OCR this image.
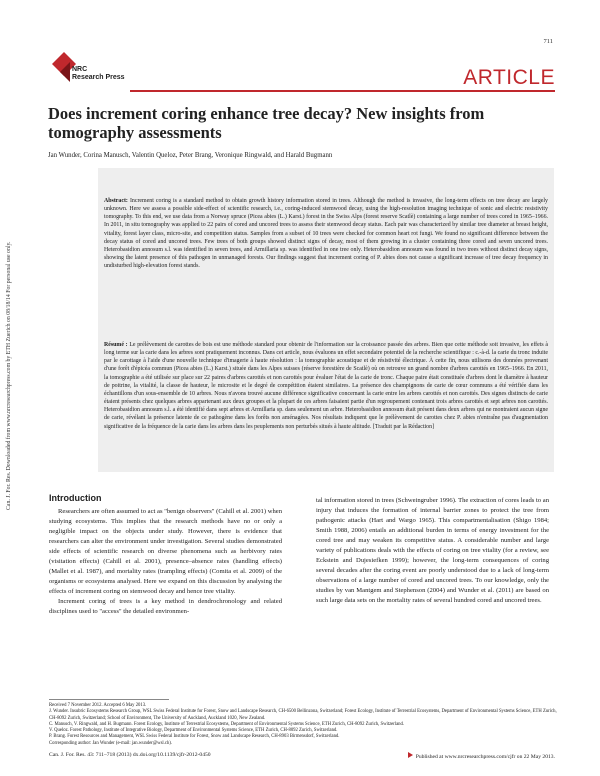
711
NRC
Research Press	ARTICLE
Does increment coring enhance tree decay? New insights from tomography assessments
Jan Wunder, Corina Manusch, Valentin Queloz, Peter Brang, Veronique Ringwald, and Harald Bugmann
Can. J. For. Res. Downloaded from www.nrcresearchpress.com by ETH Zuerich on 08/18/14 For personal use only.
Abstract: Increment coring is a standard method to obtain growth history information stored in trees. Although the method is invasive, the long-term effects on tree decay are largely unknown. Here we assess a possible side-effect of scientific research, i.e., coring-induced stemwood decay, using the high-resolution imaging technique of sonic and electric resistivity tomography. To this end, we use data from a Norway spruce (Picea abies (L.) Karst.) forest in the Swiss Alps (forest reserve Scatlè) containing a large number of trees cored in 1965–1966. In 2011, in situ tomography was applied to 22 pairs of cored and uncored trees to assess their stemwood decay status. Each pair was characterized by similar tree diameter at breast height, vitality, forest layer class, micro-site, and competition status. Samples from a subset of 10 trees were checked for common heart rot fungi. We found no significant difference between the decay status of cored and uncored trees. Few trees of both groups showed distinct signs of decay, most of them growing in a cluster containing three cored and seven uncored trees. Heterobasidion annosum s.l. was identified in seven trees, and Armillaria sp. was identified in one tree only. Heterobasidion annosum was found in two trees without distinct decay signs, showing the latent presence of this pathogen in unmanaged forests. Our findings suggest that increment coring of P. abies does not cause a significant increase of tree decay frequency in undisturbed high-elevation forest stands.
Résumé : Le prélèvement de carottes de bois est une méthode standard pour obtenir de l'information sur la croissance passée des arbres. Bien que cette méthode soit invasive, les effets à long terme sur la carie dans les arbres sont pratiquement inconnus. Dans cet article, nous évaluons un effet secondaire potentiel de la recherche scientifique : c.-à-d. la carie du tronc induite par le carottage à l'aide d'une nouvelle technique d'imagerie à haute résolution : la tomographie acoustique et de résistivité électrique. À cette fin, nous utilisons des données provenant d'une forêt d'épicéa commun (Picea abies (L.) Karst.) située dans les Alpes suisses (réserve forestière de Scatlè) où on retrouve un grand nombre d'arbres carottés en 1965–1966. En 2011, la tomographie a été utilisée sur place sur 22 paires d'arbres carottés et non carottés pour évaluer l'état de la carie de tronc. Chaque paire était constituée d'arbres dont le diamètre à hauteur de poitrine, la vitalité, la classe de hauteur, le microsite et le degré de compétition étaient similaires. La présence des champignons de carie de cœur communs a été vérifiée dans les échantillons d'un sous-ensemble de 10 arbres. Nous n'avons trouvé aucune différence significative concernant la carie entre les arbres carottés et non carottés. Des signes distincts de carie étaient présents chez quelques arbres appartenant aux deux groupes et la plupart de ces arbres faisaient partie d'un regroupement contenant trois arbres carottés et sept arbres non carottés. Heterobasidion annosum s.l. a été identifié dans sept arbres et Armillaria sp. dans seulement un arbre. Heterobasidion annosum était présent dans deux arbres qui ne montraient aucun signe de carie, révélant la présence latente de ce pathogène dans les forêts non aménagées. Nos résultats indiquent que le prélèvement de carottes chez P. abies n'entraîne pas d'augmentation significative de la fréquence de la carie dans les arbres dans les peuplements non perturbés situés à haute altitude. [Traduit par la Rédaction]
Introduction

Researchers are often assumed to act as "benign observers" (Cahill et al. 2001) when studying ecosystems. This implies that the research methods have no or only a negligible impact on the objects under study. However, there is evidence that researchers can alter the environment under investigation. Several studies demonstrated side effects of scientific research on diverse phenomena such as herbivory rates (visitation effects) (Cahill et al. 2001), presence–absence rates (handling effects) (Mallet et al. 1987), and mortality rates (trampling effects) (Comita et al. 2009) of the organisms or ecosystems analysed. Here we expand on this discussion by analysing the effects of increment coring on stemwood decay and hence tree vitality.

Increment coring of trees is a key method in dendrochronology and related disciplines used to "access" the detailed environmen-

tal information stored in trees (Schweingruber 1996). The extraction of cores leads to an injury that induces the formation of internal barrier zones to protect the tree from pathogenic attacks (Hart and Wargo 1965). This compartmentalisation (Shigo 1984; Smith 1988, 2006) entails an additional burden in terms of energy investment for the cored tree and may weaken its competitive status. A considerable number and large variety of publications deals with the effects of coring on tree vitality (for a review, see Eckstein and Dujesiefken 1999); however, the long-term consequences of coring several decades after the coring event are poorly understood due to a lack of long-term observations of a large number of cored and uncored trees. To our knowledge, only the studies by van Mantgem and Stephenson (2004) and Wunder et al. (2011) are based on such large data sets on the mortality rates of several hundred cored and uncored trees.

Received 7 November 2012. Accepted 6 May 2013.

J. Wunder. Insubric Ecosystems Research Group, WSL Swiss Federal Institute for Forest, Snow and Landscape Research, CH-6500 Bellinzona, Switzerland; Forest Ecology, Institute of Terrestrial Ecosystems, Department of Environmental Systems Science, ETH Zurich, CH-8092 Zurich, Switzerland; School of Environment, The University of Auckland, Auckland 1020, New Zealand.

C. Manusch, V. Ringwald, and H. Bugmann. Forest Ecology, Institute of Terrestrial Ecosystems, Department of Environmental Systems Science, ETH Zurich, CH-8092 Zurich, Switzerland.

V. Queloz. Forest Pathology, Institute of Integrative Biology, Department of Environmental Systems Science, ETH Zurich, CH-8092 Zurich, Switzerland.

P. Brang. Forest Resources and Management, WSL Swiss Federal Institute for Forest, Snow and Landscape Research, CH-8903 Birmensdorf, Switzerland.

Corresponding author: Jan Wunder (e-mail: jan.wunder@wsl.ch).

Can. J. For. Res. 43: 711–718 (2013) dx.doi.org/10.1139/cjfr-2012-0450	Published at www.nrcresearchpress.com/cjfr on 22 May 2013.
